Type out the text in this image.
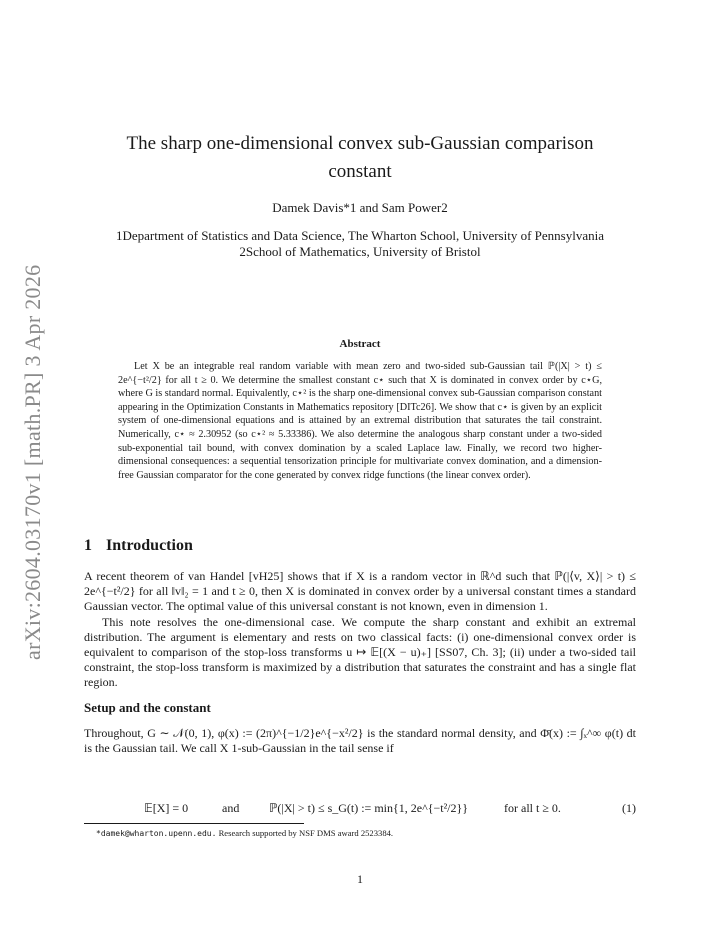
arXiv:2604.03170v1 [math.PR] 3 Apr 2026
The sharp one-dimensional convex sub-Gaussian comparison constant
Damek Davis*1 and Sam Power2

1Department of Statistics and Data Science, The Wharton School, University of Pennsylvania

2School of Mathematics, University of Bristol

Abstract

Let X be an integrable real random variable with mean zero and two-sided sub-Gaussian tail ℙ(|X| > t) ≤ 2e^{−t²/2} for all t ≥ 0. We determine the smallest constant c⋆ such that X is dominated in convex order by c⋆G, where G is standard normal. Equivalently, c⋆² is the sharp one-dimensional convex sub-Gaussian comparison constant appearing in the Optimization Constants in Mathematics repository [DITc26]. We show that c⋆ is given by an explicit system of one-dimensional equations and is attained by an extremal distribution that saturates the tail constraint. Numerically, c⋆ ≈ 2.30952 (so c⋆² ≈ 5.33386). We also determine the analogous sharp constant under a two-sided sub-exponential tail bound, with convex domination by a scaled Laplace law. Finally, we record two higher-dimensional consequences: a sequential tensorization principle for multivariate convex domination, and a dimension-free Gaussian comparator for the cone generated by convex ridge functions (the linear convex order).

1 Introduction

A recent theorem of van Handel [vH25] shows that if X is a random vector in ℝ^d such that ℙ(|⟨v, X⟩| > t) ≤ 2e^{−t²/2} for all ‖v‖₂ = 1 and t ≥ 0, then X is dominated in convex order by a universal constant times a standard Gaussian vector. The optimal value of this universal constant is not known, even in dimension 1.

This note resolves the one-dimensional case. We compute the sharp constant and exhibit an extremal distribution. The argument is elementary and rests on two classical facts: (i) one-dimensional convex order is equivalent to comparison of the stop-loss transforms u ↦ 𝔼[(X − u)₊] [SS07, Ch. 3]; (ii) under a two-sided tail constraint, the stop-loss transform is maximized by a distribution that saturates the constraint and has a single flat region.

Setup and the constant

Throughout, G ∼ 𝒩(0, 1), φ(x) := (2π)^{−1/2}e^{−x²/2} is the standard normal density, and Φ̄(x) := ∫ₓ^∞ φ(t) dt is the Gaussian tail. We call X 1-sub-Gaussian in the tail sense if

𝔼[X] = 0	and ℙ(|X| > t) ≤ s_G(t) := min{1, 2e^{−t²/2}}	for all t ≥ 0.	(1)
*damek@wharton.upenn.edu. Research supported by NSF DMS award 2523384.
1
